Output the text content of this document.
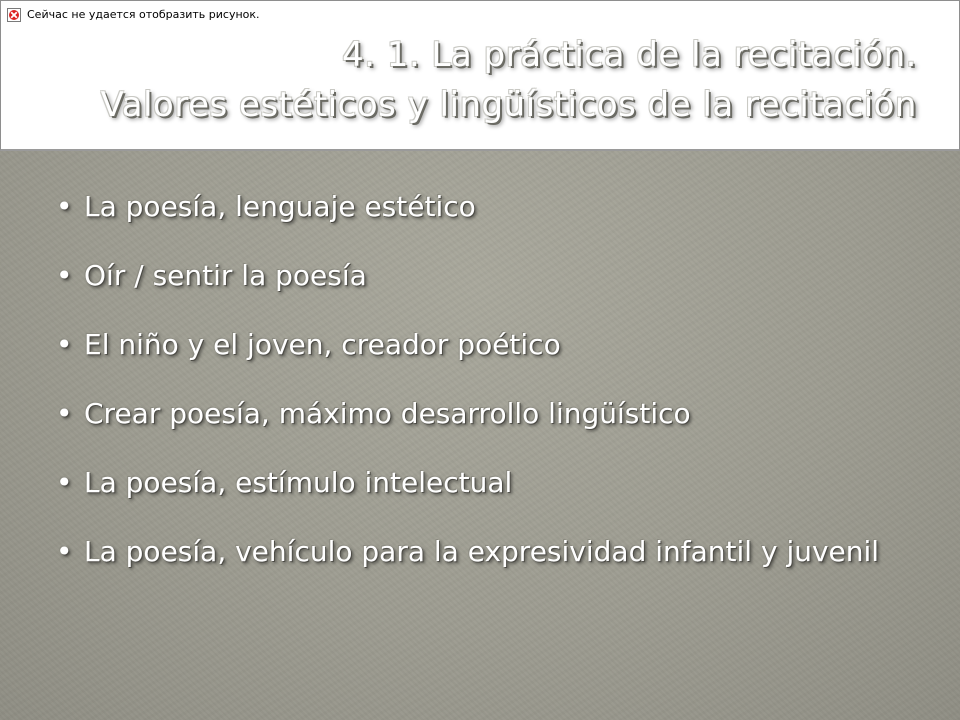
Сейчас не удается отобразить рисунок.
4. 1. La práctica de la recitación.
Valores estéticos y lingüísticos de la recitación
• La poesía, lenguaje estético
• Oír / sentir la poesía
• El niño y el joven, creador poético
• Crear poesía, máximo desarrollo lingüístico
• La poesía, estímulo intelectual
• La poesía, vehículo para la expresividad infantil y juvenil
